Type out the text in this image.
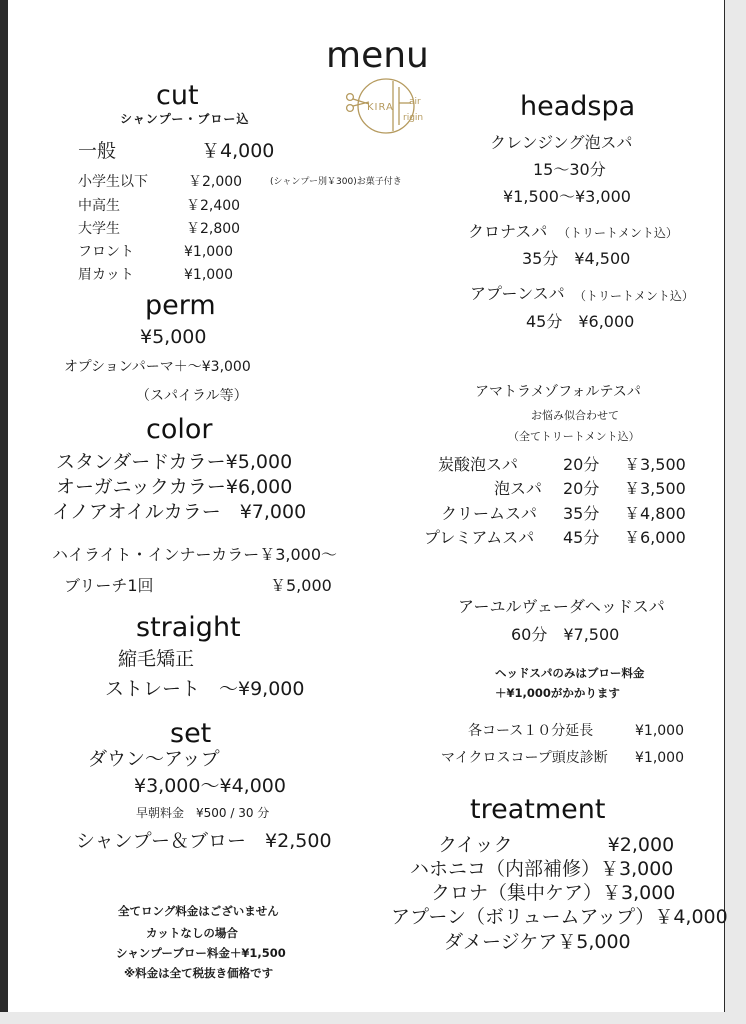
menu
KIRA air
rigin
cut
シャンプー・ブロー込
一般	￥4,000
小学生以下	￥2,000	(シャンプー別￥300)お菓子付き
中高生	￥2,400
大学生	￥2,800
フロント	¥1,000
眉カット	¥1,000
perm
¥5,000
オプションパーマ＋〜¥3,000
（スパイラル等）
color
スタンダードカラー¥5,000
オーガニックカラー¥6,000
イノアオイルカラー　¥7,000
ハイライト・インナーカラー￥3,000〜
ブリーチ1回	￥5,000
straight
縮毛矯正
ストレート　〜¥9,000
set
ダウン〜アップ
¥3,000〜¥4,000
早朝料金　¥500 / 30 分
シャンプー＆ブロー　¥2,500
全てロング料金はございません
カットなしの場合
シャンプーブロー料金＋¥1,500
※料金は全て税抜き価格です
headspa
クレンジング泡スパ
15〜30分
¥1,500〜¥3,000
クロナスパ （トリートメント込）
35分　¥4,500
アプーンスパ （トリートメント込）
45分　¥6,000
アマトラメゾフォルテスパ
お悩み似合わせて
（全てトリートメント込）
炭酸泡スパ	20分 ￥3,500
泡スパ 20分 ￥3,500
クリームスパ 35分 ￥4,800
プレミアムスパ 45分 ￥6,000
アーユルヴェーダヘッドスパ
60分　¥7,500
ヘッドスパのみはブロー料金
＋¥1,000がかかります
各コース１０分延長	¥1,000
マイクロスコープ頭皮診断 ¥1,000
treatment
クイック　　　　　¥2,000
ハホニコ（内部補修）￥3,000
クロナ（集中ケア）￥3,000
アプーン（ボリュームアップ）￥4,000
ダメージケア￥5,000
